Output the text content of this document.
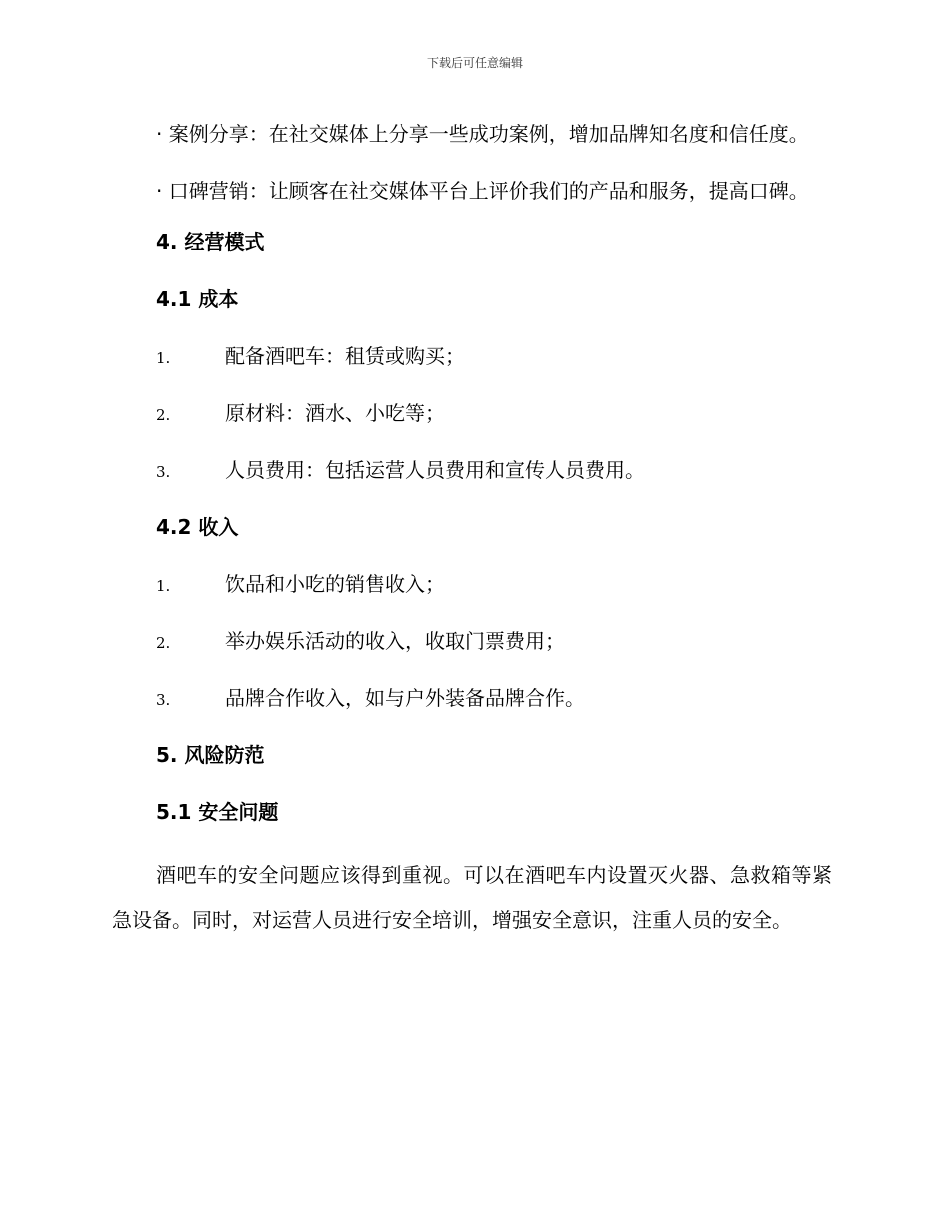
下载后可任意编辑

· 案例分享：在社交媒体上分享一些成功案例，增加品牌知名度和信任度。

· 口碑营销：让顾客在社交媒体平台上评价我们的产品和服务，提高口碑。

4. 经营模式
4.1 成本
1.	配备酒吧车：租赁或购买；
2.	原材料：酒水、小吃等；
3.	人员费用：包括运营人员费用和宣传人员费用。
4.2 收入
1.	饮品和小吃的销售收入；
2.	举办娱乐活动的收入，收取门票费用；
3.	品牌合作收入，如与户外装备品牌合作。
5. 风险防范
5.1 安全问题

酒吧车的安全问题应该得到重视。可以在酒吧车内设置灭火器、急救箱等紧急设备。同时，对运营人员进行安全培训，增强安全意识，注重人员的安全。
